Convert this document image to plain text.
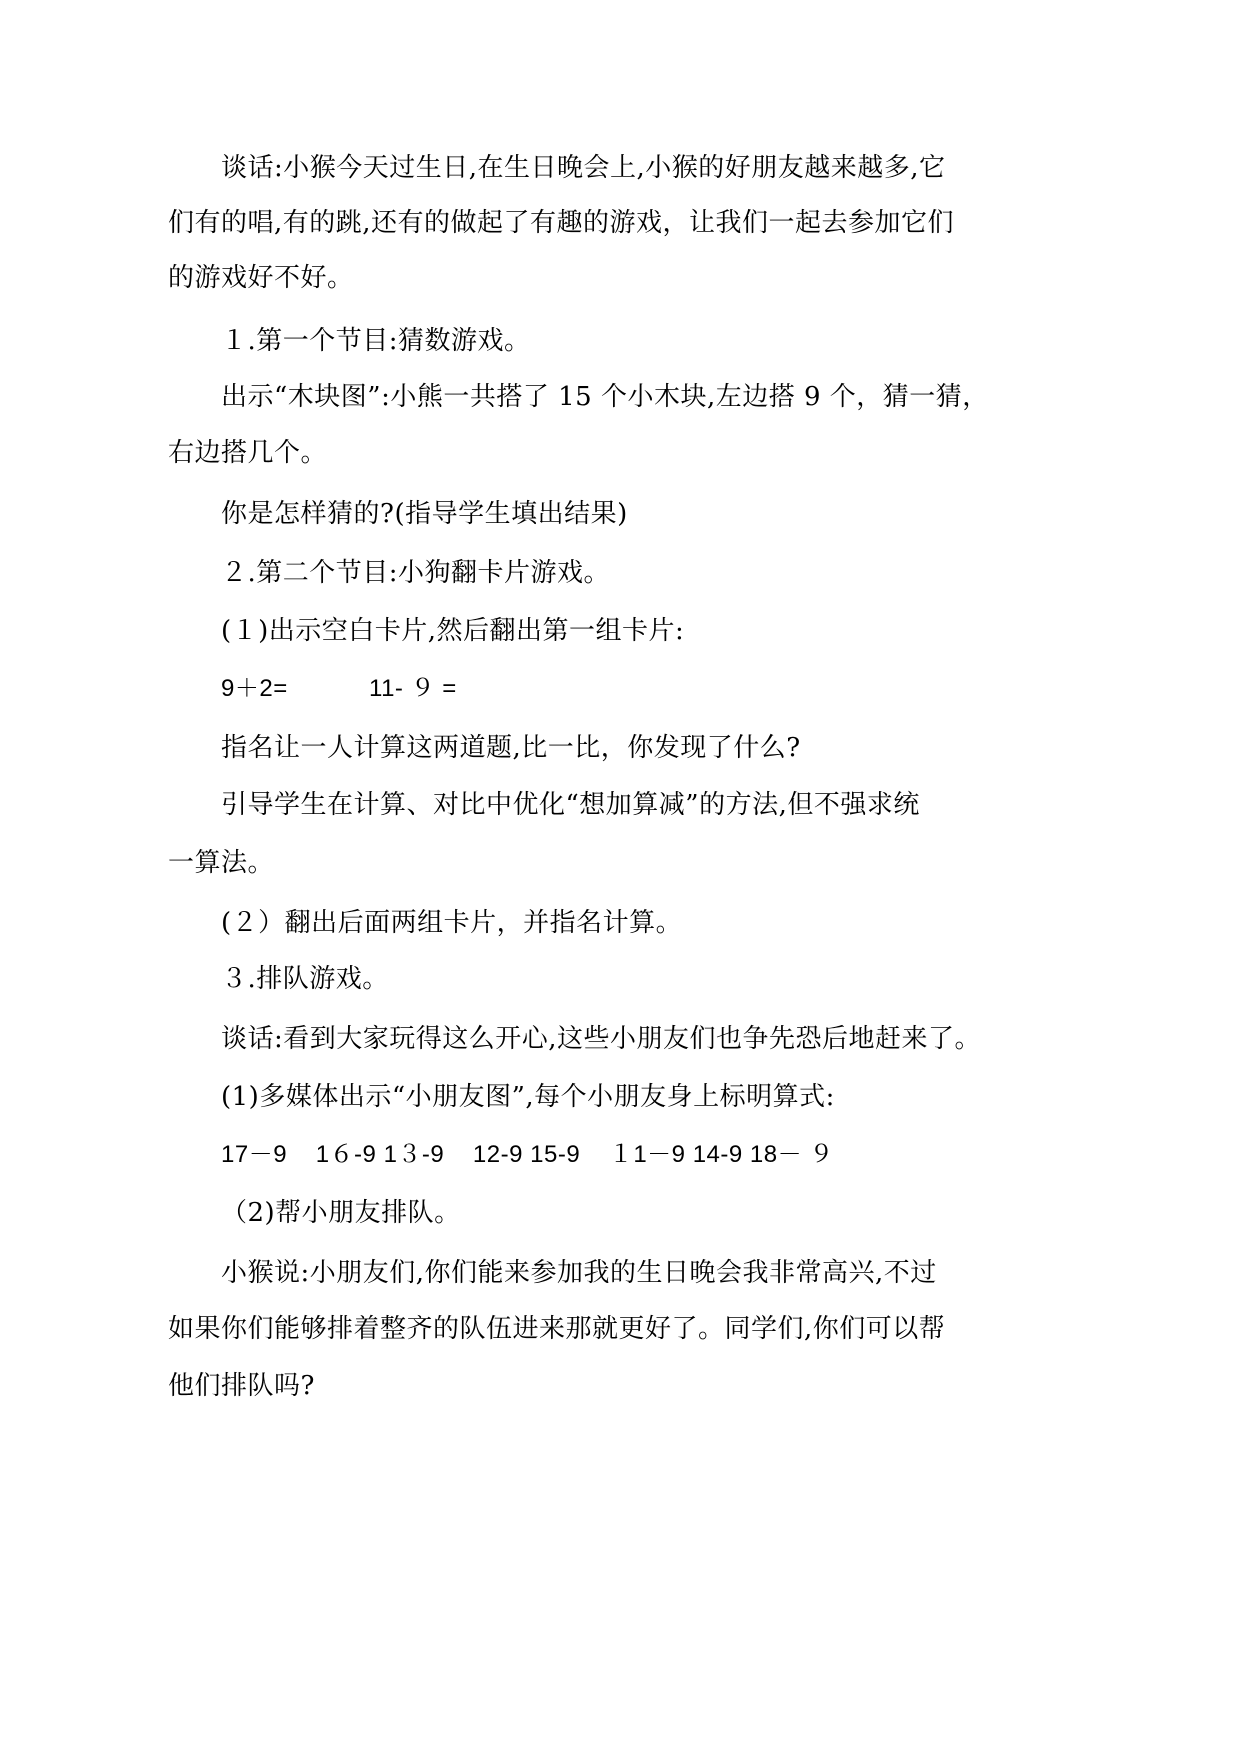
谈话:小猴今天过生日,在生日晚会上,小猴的好朋友越来越多,它

们有的唱,有的跳,还有的做起了有趣的游戏，让我们一起去参加它们

的游戏好不好。

１.第一个节目:猜数游戏。

出示“木块图”:小熊一共搭了 15 个小木块,左边搭 9 个，猜一猜，

右边搭几个。

你是怎样猜的?(指导学生填出结果)

２.第二个节目:小狗翻卡片游戏。

(１)出示空白卡片,然后翻出第一组卡片:

9＋2=	11- ９ =

指名让一人计算这两道题,比一比，你发现了什么?

引导学生在计算、对比中优化“想加算减”的方法,但不强求统

一算法。

(２）翻出后面两组卡片，并指名计算。

３.排队游戏。

谈话:看到大家玩得这么开心,这些小朋友们也争先恐后地赶来了。

(1)多媒体出示“小朋友图”,每个小朋友身上标明算式:

17－9    1６-9 1３-9    12-9 15-9    １1－9 14-9 18－ ９

（2)帮小朋友排队。

小猴说:小朋友们,你们能来参加我的生日晚会我非常高兴,不过

如果你们能够排着整齐的队伍进来那就更好了。同学们,你们可以帮

他们排队吗?
